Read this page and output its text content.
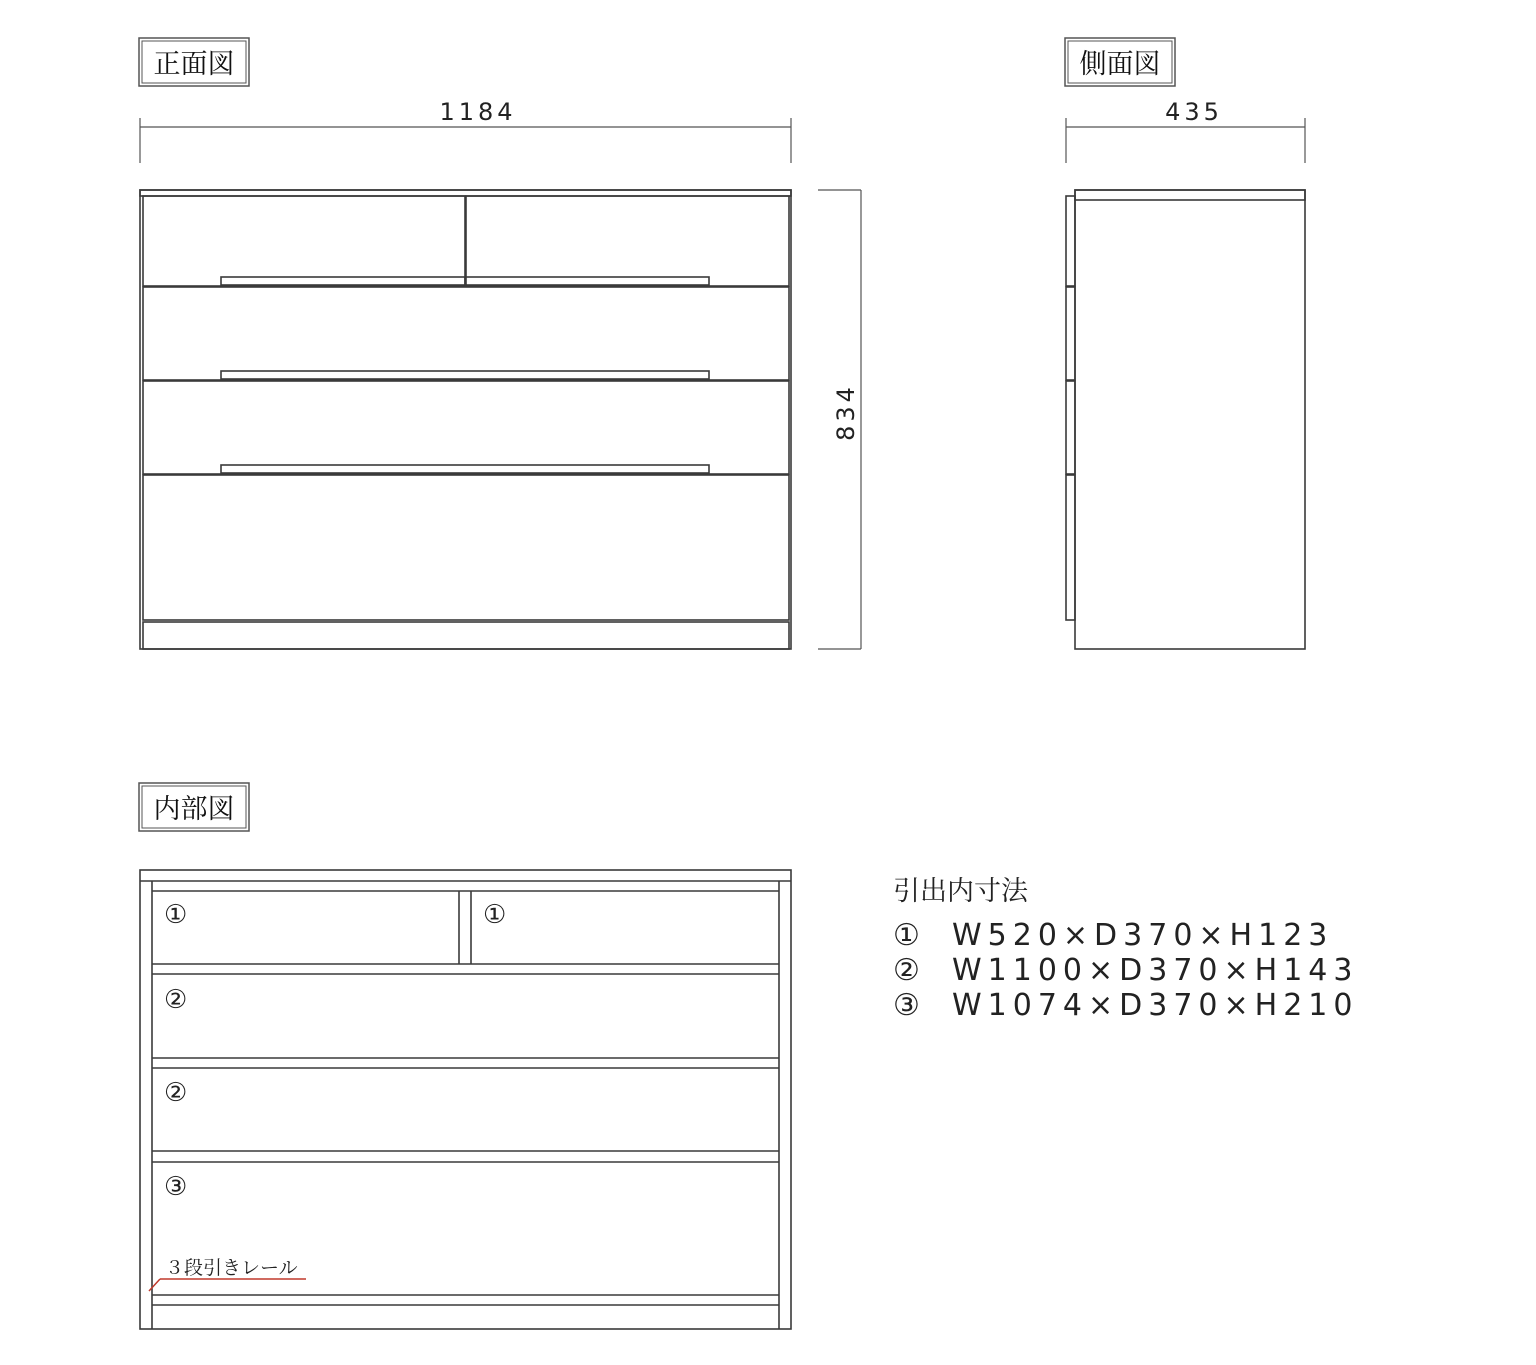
正面図
1184
834
側面図
435
内部図
①	①
②
②
③
３段引きレール
引出内寸法
① W520×D370×H123
② W1100×D370×H143
③ W1074×D370×H210
